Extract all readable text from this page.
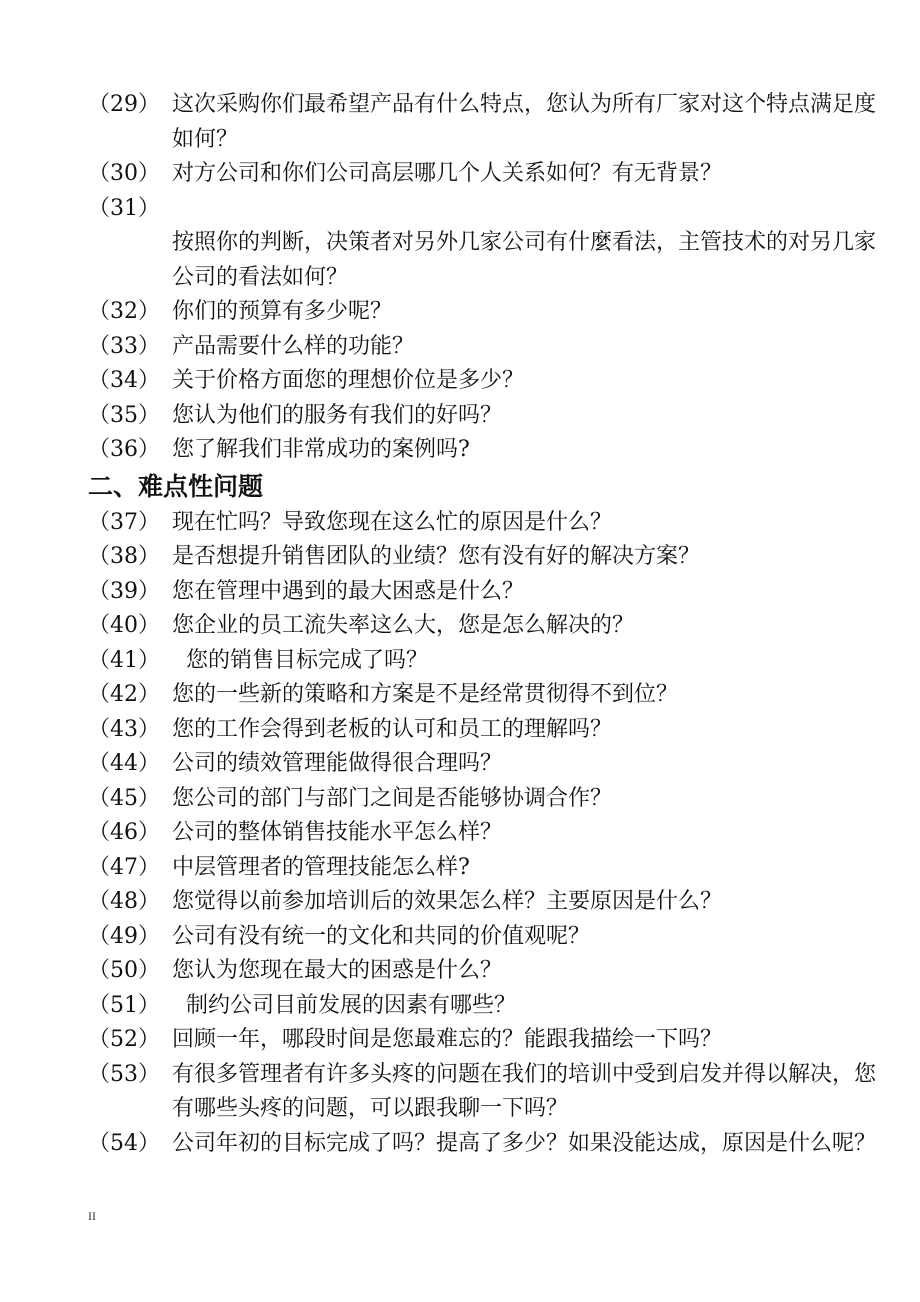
（29） 这次采购你们最希望产品有什么特点，您认为所有厂家对这个特点满足度如何？
（30） 对方公司和你们公司高层哪几个人关系如何？有无背景？
（31）
按照你的判断，决策者对另外几家公司有什麼看法，主管技术的对另几家公司的看法如何？
（32） 你们的预算有多少呢？
（33） 产品需要什么样的功能？
（34） 关于价格方面您的理想价位是多少？
（35） 您认为他们的服务有我们的好吗？
（36） 您了解我们非常成功的案例吗?
二、难点性问题
（37） 现在忙吗？导致您现在这么忙的原因是什么？
（38） 是否想提升销售团队的业绩？您有没有好的解决方案？
（39） 您在管理中遇到的最大困惑是什么？
（40） 您企业的员工流失率这么大，您是怎么解决的？
（41）	您的销售目标完成了吗？
（42） 您的一些新的策略和方案是不是经常贯彻得不到位？
（43） 您的工作会得到老板的认可和员工的理解吗？
（44） 公司的绩效管理能做得很合理吗？
（45） 您公司的部门与部门之间是否能够协调合作？
（46） 公司的整体销售技能水平怎么样？
（47） 中层管理者的管理技能怎么样?
（48） 您觉得以前参加培训后的效果怎么样？主要原因是什么？
（49） 公司有没有统一的文化和共同的价值观呢？
（50） 您认为您现在最大的困惑是什么？
（51）	制约公司目前发展的因素有哪些？
（52） 回顾一年，哪段时间是您最难忘的？能跟我描绘一下吗？
（53） 有很多管理者有许多头疼的问题在我们的培训中受到启发并得以解决，您有哪些头疼的问题，可以跟我聊一下吗？
（54） 公司年初的目标完成了吗？提高了多少？如果没能达成，原因是什么呢？
II
